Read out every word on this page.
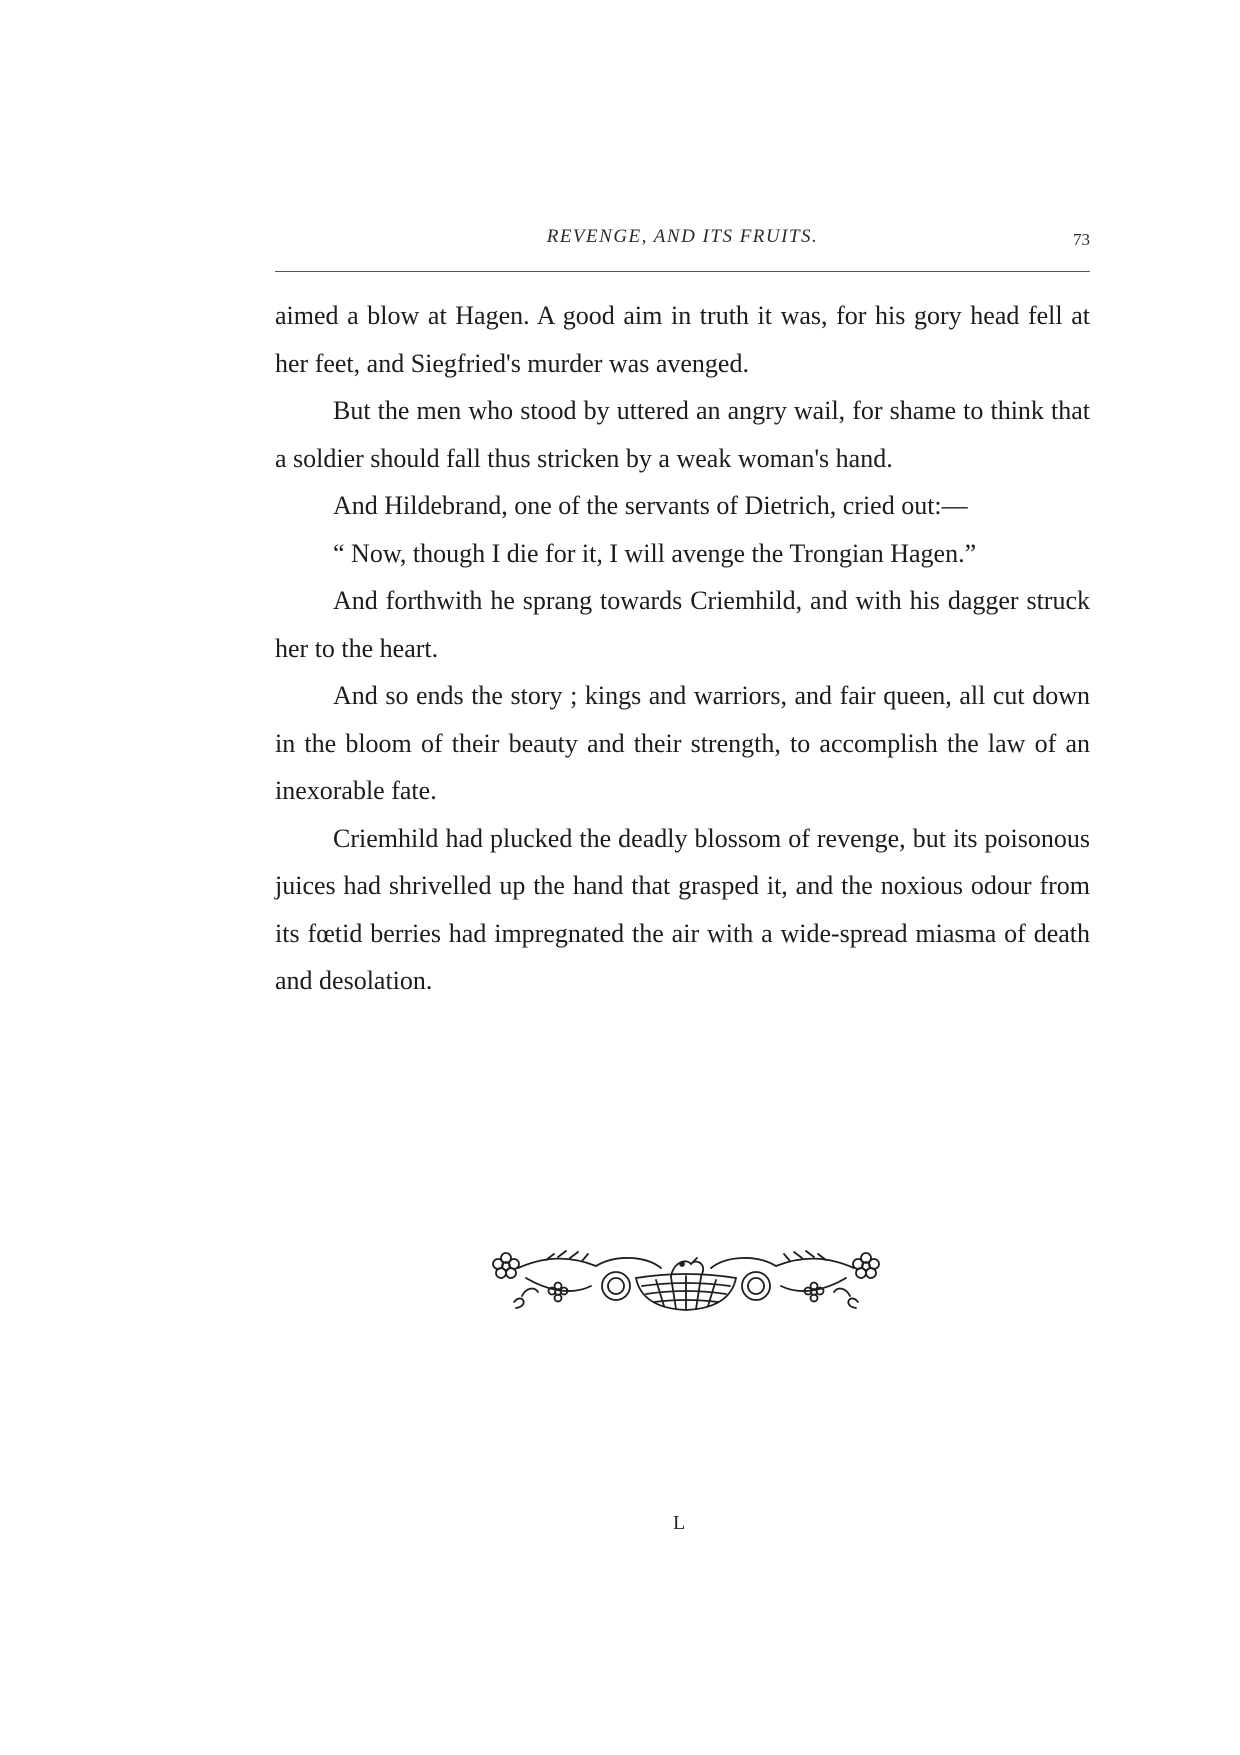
REVENGE, AND ITS FRUITS.	73

aimed a blow at Hagen. A good aim in truth it was, for his gory head fell at her feet, and Siegfried's murder was avenged.

But the men who stood by uttered an angry wail, for shame to think that a soldier should fall thus stricken by a weak woman's hand.

And Hildebrand, one of the servants of Dietrich, cried out:—

“ Now, though I die for it, I will avenge the Trongian Hagen.”

And forthwith he sprang towards Criemhild, and with his dagger struck her to the heart.

And so ends the story ; kings and warriors, and fair queen, all cut down in the bloom of their beauty and their strength, to accomplish the law of an inexorable fate.

Criemhild had plucked the deadly blossom of revenge, but its poisonous juices had shrivelled up the hand that grasped it, and the noxious odour from its fœtid berries had impregnated the air with a wide-spread miasma of death and desolation.

L
